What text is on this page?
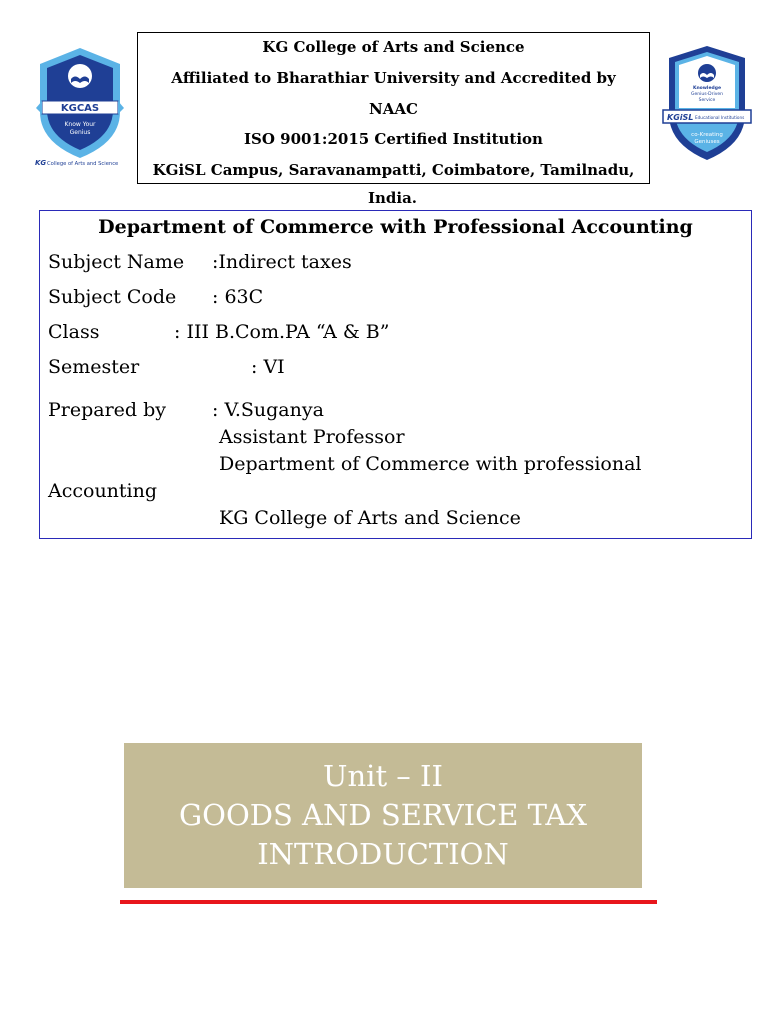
KGCAS
Know Your
Genius
KG College of Arts and Science
KG College of Arts and Science
Affiliated to Bharathiar University and Accredited by
NAAC
ISO 9001:2015 Certified Institution
KGiSL Campus, Saravanampatti, Coimbatore, Tamilnadu,
India.
Knowledge
Genius-Driven
Service
KGiSL Educational Institutions
co-Kreating
Geniuses
Department of Commerce with Professional Accounting
Subject Name :Indirect taxes
Subject Code : 63C
Class	: III B.Com.PA “A & B”
Semester	: VI
Prepared by : V.Suganya
Assistant Professor
Department of Commerce with professional
Accounting
KG College of Arts and Science
Unit – II
GOODS AND SERVICE TAX
INTRODUCTION
